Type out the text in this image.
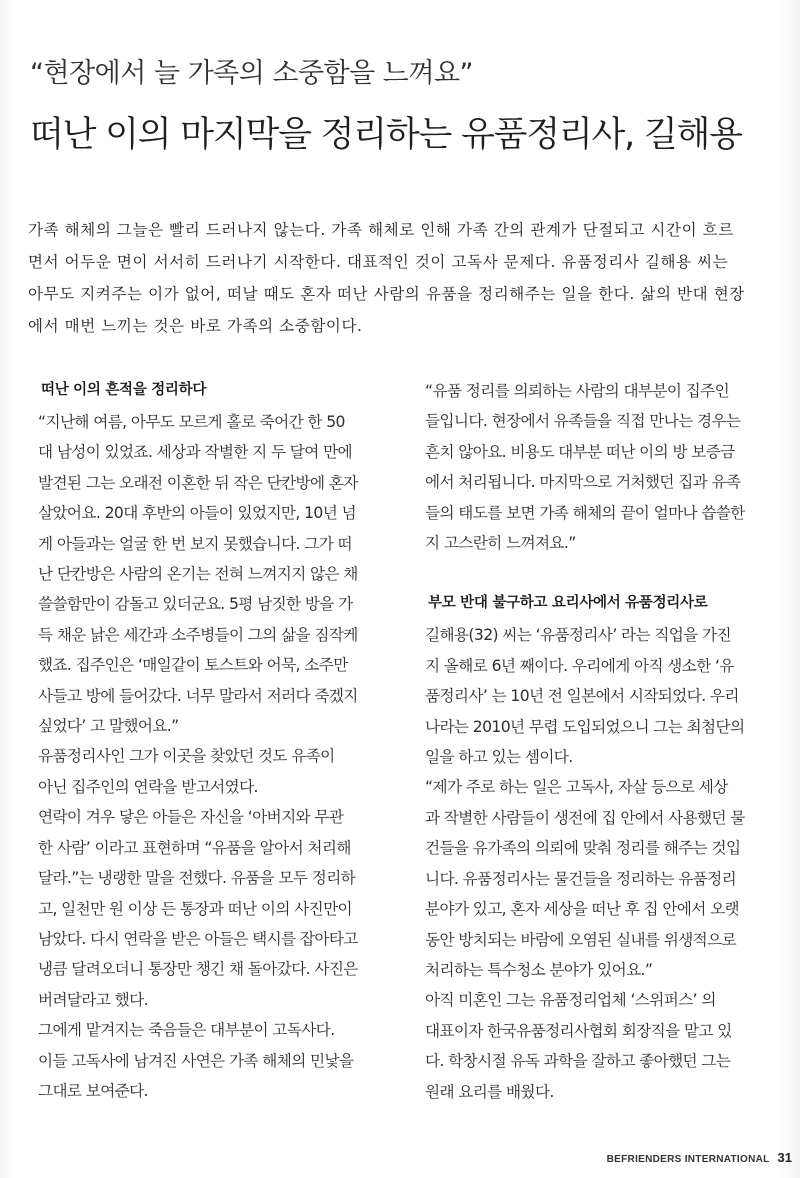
“현장에서 늘 가족의 소중함을 느껴요”
떠난 이의 마지막을 정리하는 유품정리사, 길해용

가족 해체의 그늘은 빨리 드러나지 않는다. 가족 해체로 인해 가족 간의 관계가 단절되고 시간이 흐르

면서 어두운 면이 서서히 드러나기 시작한다. 대표적인 것이 고독사 문제다. 유품정리사 길해용 씨는

아무도 지켜주는 이가 없어, 떠날 때도 혼자 떠난 사람의 유품을 정리해주는 일을 한다. 삶의 반대 현장

에서 매번 느끼는 것은 바로 가족의 소중함이다.

떠난 이의 흔적을 정리하다

“지난해 여름, 아무도 모르게 홀로 죽어간 한 50

대 남성이 있었죠. 세상과 작별한 지 두 달여 만에

발견된 그는 오래전 이혼한 뒤 작은 단칸방에 혼자

살았어요. 20대 후반의 아들이 있었지만, 10년 넘

게 아들과는 얼굴 한 번 보지 못했습니다. 그가 떠

난 단칸방은 사람의 온기는 전혀 느껴지지 않은 채

쓸쓸함만이 감돌고 있더군요. 5평 남짓한 방을 가

득 채운 낡은 세간과 소주병들이 그의 삶을 짐작케

했죠. 집주인은 ‘매일같이 토스트와 어묵, 소주만

사들고 방에 들어갔다. 너무 말라서 저러다 죽겠지

싶었다’ 고 말했어요.”

유품정리사인 그가 이곳을 찾았던 것도 유족이

아닌 집주인의 연락을 받고서였다.

연락이 겨우 닿은 아들은 자신을 ‘아버지와 무관

한 사람’ 이라고 표현하며 “유품을 알아서 처리해

달라.”는 냉랭한 말을 전했다. 유품을 모두 정리하

고, 일천만 원 이상 든 통장과 떠난 이의 사진만이

남았다. 다시 연락을 받은 아들은 택시를 잡아타고

냉큼 달려오더니 통장만 챙긴 채 돌아갔다. 사진은

버려달라고 했다.

그에게 맡겨지는 죽음들은 대부분이 고독사다.

이들 고독사에 남겨진 사연은 가족 해체의 민낯을

그대로 보여준다.

“유품 정리를 의뢰하는 사람의 대부분이 집주인

들입니다. 현장에서 유족들을 직접 만나는 경우는

흔치 않아요. 비용도 대부분 떠난 이의 방 보증금

에서 처리됩니다. 마지막으로 거처했던 집과 유족

들의 태도를 보면 가족 해체의 끝이 얼마나 씁쓸한

지 고스란히 느껴져요.”

부모 반대 불구하고 요리사에서 유품정리사로

길해용(32) 씨는 ‘유품정리사’ 라는 직업을 가진

지 올해로 6년 째이다. 우리에게 아직 생소한 ‘유

품정리사’ 는 10년 전 일본에서 시작되었다. 우리

나라는 2010년 무렵 도입되었으니 그는 최첨단의

일을 하고 있는 셈이다.

“제가 주로 하는 일은 고독사, 자살 등으로 세상

과 작별한 사람들이 생전에 집 안에서 사용했던 물

건들을 유가족의 의뢰에 맞춰 정리를 해주는 것입

니다. 유품정리사는 물건들을 정리하는 유품정리

분야가 있고, 혼자 세상을 떠난 후 집 안에서 오랫

동안 방치되는 바람에 오염된 실내를 위생적으로

처리하는 특수청소 분야가 있어요.”

아직 미혼인 그는 유품정리업체 ‘스위퍼스’ 의

대표이자 한국유품정리사협회 회장직을 맡고 있

다. 학창시절 유독 과학을 잘하고 좋아했던 그는

원래 요리를 배웠다.

BEFRIENDERS INTERNATIONAL 31
